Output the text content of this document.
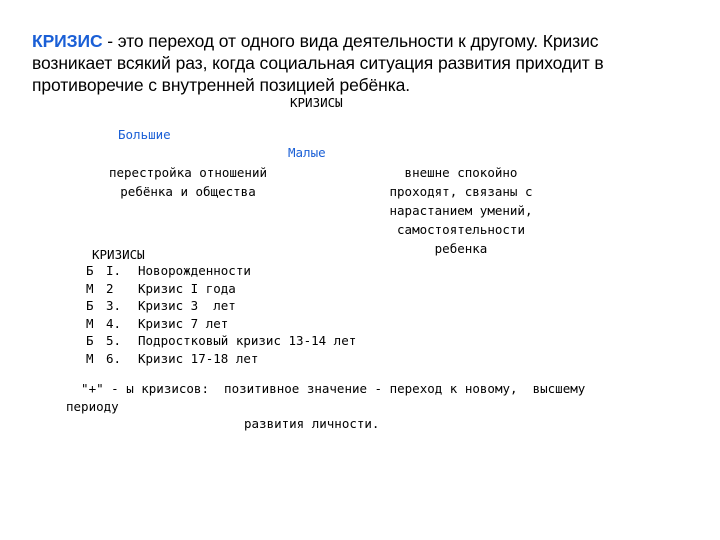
КРИЗИС - это переход от одного вида деятельности к другому. Кризис возникает всякий раз, когда социальная ситуация развития приходит в противоречие с внутренней позицией ребёнка.

КРИЗИСЫ
Большие
Малые
перестройка отношений ребёнка и общества
внешне спокойно проходят, связаны с нарастанием умений, самостоятельности ребенка
КРИЗИСЫ
Б I. Новорожденности
М 2 Кризис I года
Б 3. Кризис 3  лет
М 4. Кризис 7 лет
Б 5. Подростковый кризис 13-14 лет
М 6. Кризис 17-18 лет
"+" - ы кризисов:  позитивное значение - переход к новому,  высшему
периоду
развития личности.
